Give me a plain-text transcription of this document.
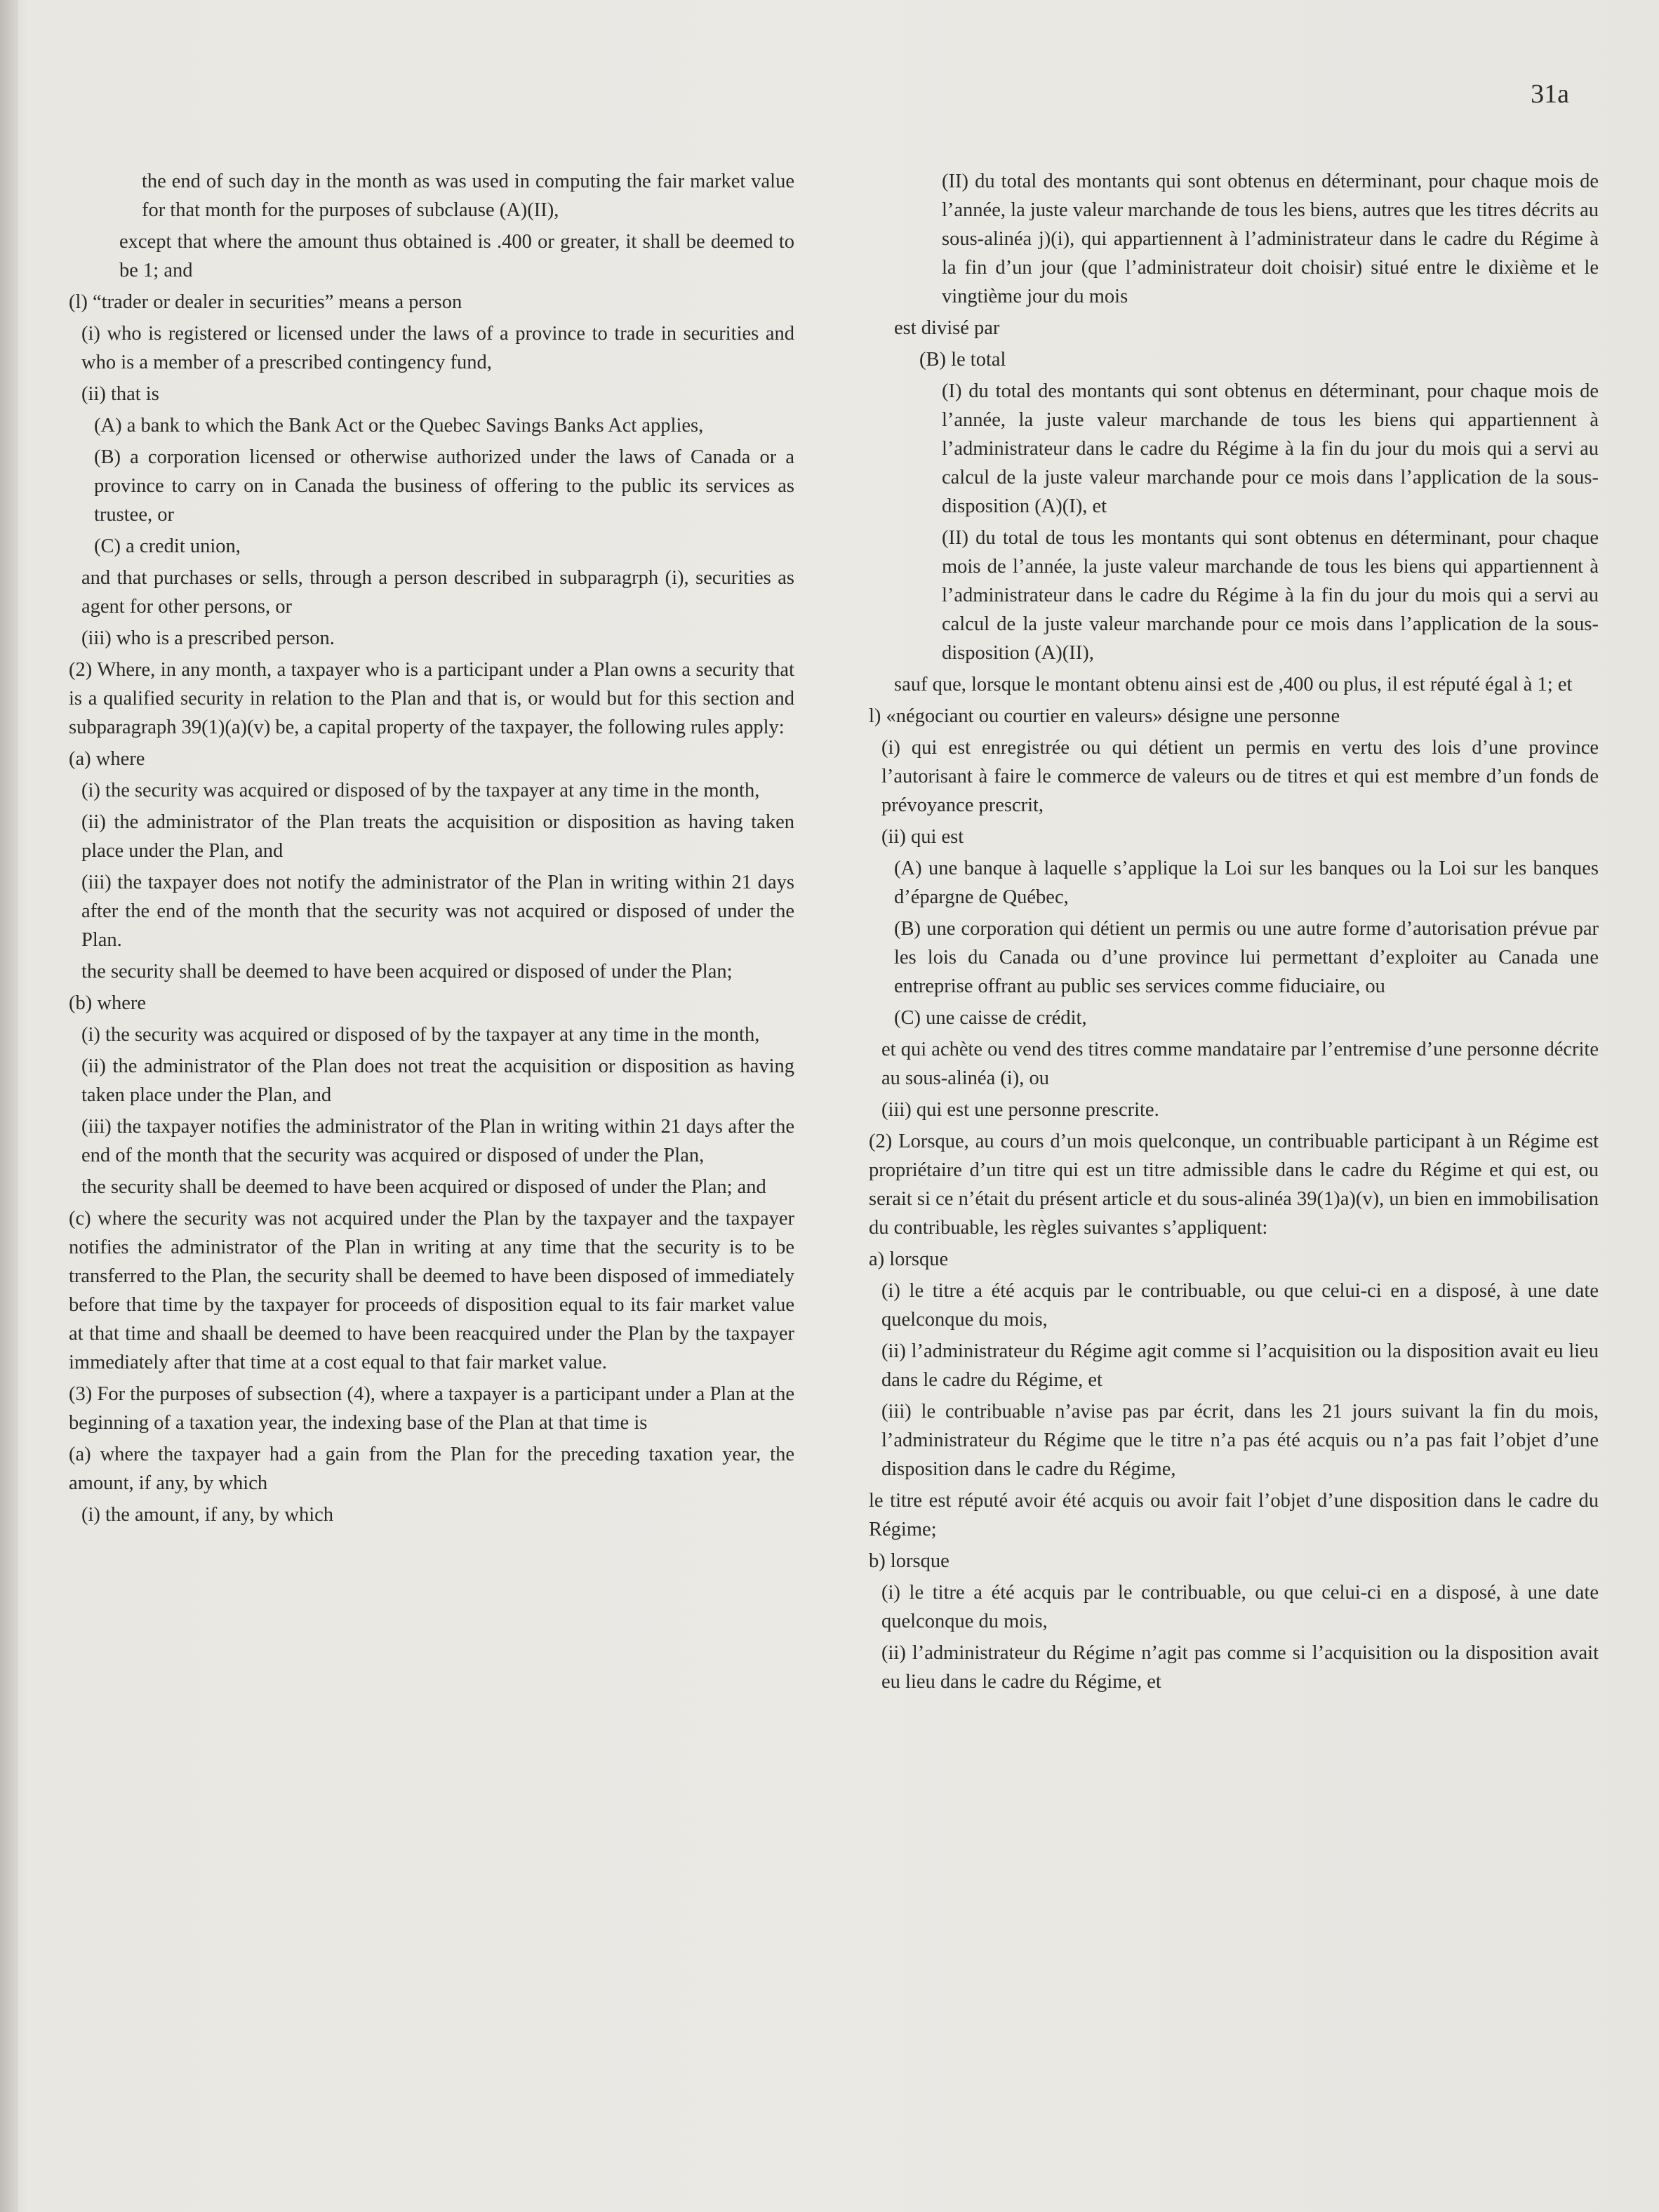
31a
the end of such day in the month as was used in computing the fair market value for that month for the purposes of subclause (A)(II),
except that where the amount thus obtained is .400 or greater, it shall be deemed to be 1; and
(l) “trader or dealer in securities” means a person
(i) who is registered or licensed under the laws of a province to trade in securities and who is a member of a prescribed contingency fund,
(ii) that is
(A) a bank to which the Bank Act or the Quebec Savings Banks Act applies,
(B) a corporation licensed or otherwise authorized under the laws of Canada or a province to carry on in Canada the business of offering to the public its services as trustee, or
(C) a credit union,
and that purchases or sells, through a person described in subparagrph (i), securities as agent for other persons, or
(iii) who is a prescribed person.
(2) Where, in any month, a taxpayer who is a participant under a Plan owns a security that is a qualified security in relation to the Plan and that is, or would but for this section and subparagraph 39(1)(a)(v) be, a capital property of the taxpayer, the following rules apply:
(a) where
(i) the security was acquired or disposed of by the taxpayer at any time in the month,
(ii) the administrator of the Plan treats the acquisition or disposition as having taken place under the Plan, and
(iii) the taxpayer does not notify the administrator of the Plan in writing within 21 days after the end of the month that the security was not acquired or disposed of under the Plan.
the security shall be deemed to have been acquired or disposed of under the Plan;
(b) where
(i) the security was acquired or disposed of by the taxpayer at any time in the month,
(ii) the administrator of the Plan does not treat the acquisition or disposition as having taken place under the Plan, and
(iii) the taxpayer notifies the administrator of the Plan in writing within 21 days after the end of the month that the security was acquired or disposed of under the Plan,
the security shall be deemed to have been acquired or disposed of under the Plan; and
(c) where the security was not acquired under the Plan by the taxpayer and the taxpayer notifies the administrator of the Plan in writing at any time that the security is to be transferred to the Plan, the security shall be deemed to have been disposed of immediately before that time by the taxpayer for proceeds of disposition equal to its fair market value at that time and shaall be deemed to have been reacquired under the Plan by the taxpayer immediately after that time at a cost equal to that fair market value.
(3) For the purposes of subsection (4), where a taxpayer is a participant under a Plan at the beginning of a taxation year, the indexing base of the Plan at that time is
(a) where the taxpayer had a gain from the Plan for the preceding taxation year, the amount, if any, by which
(i) the amount, if any, by which
(II) du total des montants qui sont obtenus en déterminant, pour chaque mois de l’année, la juste valeur marchande de tous les biens, autres que les titres décrits au sous-alinéa j)(i), qui appartiennent à l’administrateur dans le cadre du Régime à la fin d’un jour (que l’administrateur doit choisir) situé entre le dixième et le vingtième jour du mois
est divisé par
(B) le total
(I) du total des montants qui sont obtenus en déterminant, pour chaque mois de l’année, la juste valeur marchande de tous les biens qui appartiennent à l’administrateur dans le cadre du Régime à la fin du jour du mois qui a servi au calcul de la juste valeur marchande pour ce mois dans l’application de la sous-disposition (A)(I), et
(II) du total de tous les montants qui sont obtenus en déterminant, pour chaque mois de l’année, la juste valeur marchande de tous les biens qui appartiennent à l’administrateur dans le cadre du Régime à la fin du jour du mois qui a servi au calcul de la juste valeur marchande pour ce mois dans l’application de la sous-disposition (A)(II),
sauf que, lorsque le montant obtenu ainsi est de ,400 ou plus, il est réputé égal à 1; et
l) «négociant ou courtier en valeurs» désigne une personne
(i) qui est enregistrée ou qui détient un permis en vertu des lois d’une province l’autorisant à faire le commerce de valeurs ou de titres et qui est membre d’un fonds de prévoyance prescrit,
(ii) qui est
(A) une banque à laquelle s’applique la Loi sur les banques ou la Loi sur les banques d’épargne de Québec,
(B) une corporation qui détient un permis ou une autre forme d’autorisation prévue par les lois du Canada ou d’une province lui permettant d’exploiter au Canada une entreprise offrant au public ses services comme fiduciaire, ou
(C) une caisse de crédit,
et qui achète ou vend des titres comme mandataire par l’entremise d’une personne décrite au sous-alinéa (i), ou
(iii) qui est une personne prescrite.
(2) Lorsque, au cours d’un mois quelconque, un contribuable participant à un Régime est propriétaire d’un titre qui est un titre admissible dans le cadre du Régime et qui est, ou serait si ce n’était du présent article et du sous-alinéa 39(1)a)(v), un bien en immobilisation du contribuable, les règles suivantes s’appliquent:
a) lorsque
(i) le titre a été acquis par le contribuable, ou que celui-ci en a disposé, à une date quelconque du mois,
(ii) l’administrateur du Régime agit comme si l’acquisition ou la disposition avait eu lieu dans le cadre du Régime, et
(iii) le contribuable n’avise pas par écrit, dans les 21 jours suivant la fin du mois, l’administrateur du Régime que le titre n’a pas été acquis ou n’a pas fait l’objet d’une disposition dans le cadre du Régime,
le titre est réputé avoir été acquis ou avoir fait l’objet d’une disposition dans le cadre du Régime;
b) lorsque
(i) le titre a été acquis par le contribuable, ou que celui-ci en a disposé, à une date quelconque du mois,
(ii) l’administrateur du Régime n’agit pas comme si l’acquisition ou la disposition avait eu lieu dans le cadre du Régime, et
